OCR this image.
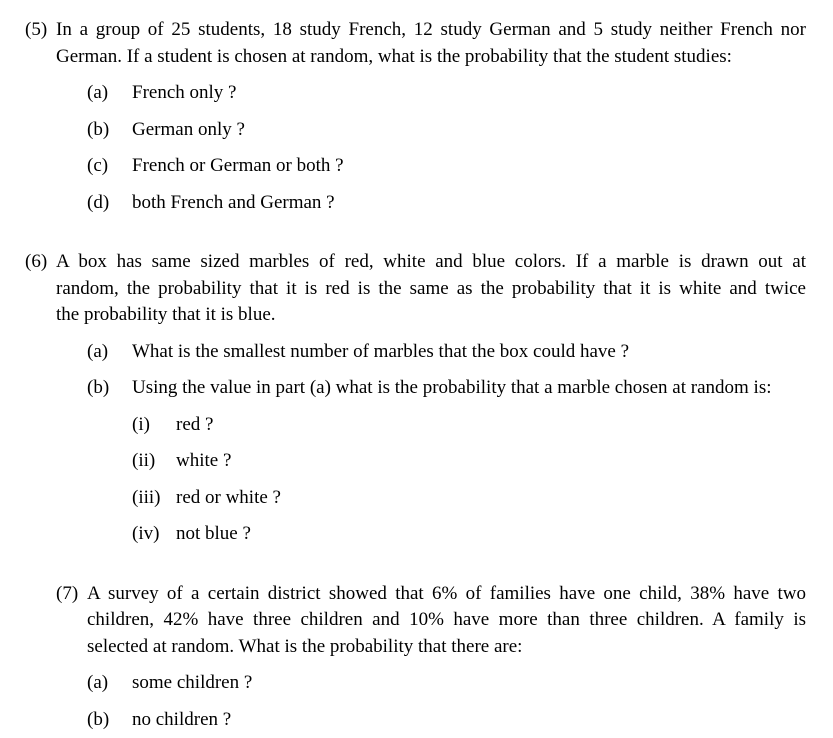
(5) In a group of 25 students, 18 study French, 12 study German and 5 study neither French nor
German. If a student is chosen at random, what is the probability that the student studies:
(a) French only ?
(b) German only ?
(c) French or German or both ?
(d) both French and German ?
(6) A box has same sized marbles of red, white and blue colors. If a marble is drawn out at
random, the probability that it is red is the same as the probability that it is white and twice
the probability that it is blue.
(a) What is the smallest number of marbles that the box could have ?
(b) Using the value in part (a) what is the probability that a marble chosen at random is:
(i) red ?
(ii) white ?
(iii) red or white ?
(iv) not blue ?
(7) A survey of a certain district showed that 6% of families have one child, 38% have two
children, 42% have three children and 10% have more than three children. A family is
selected at random. What is the probability that there are:
(a) some children ?
(b) no children ?
